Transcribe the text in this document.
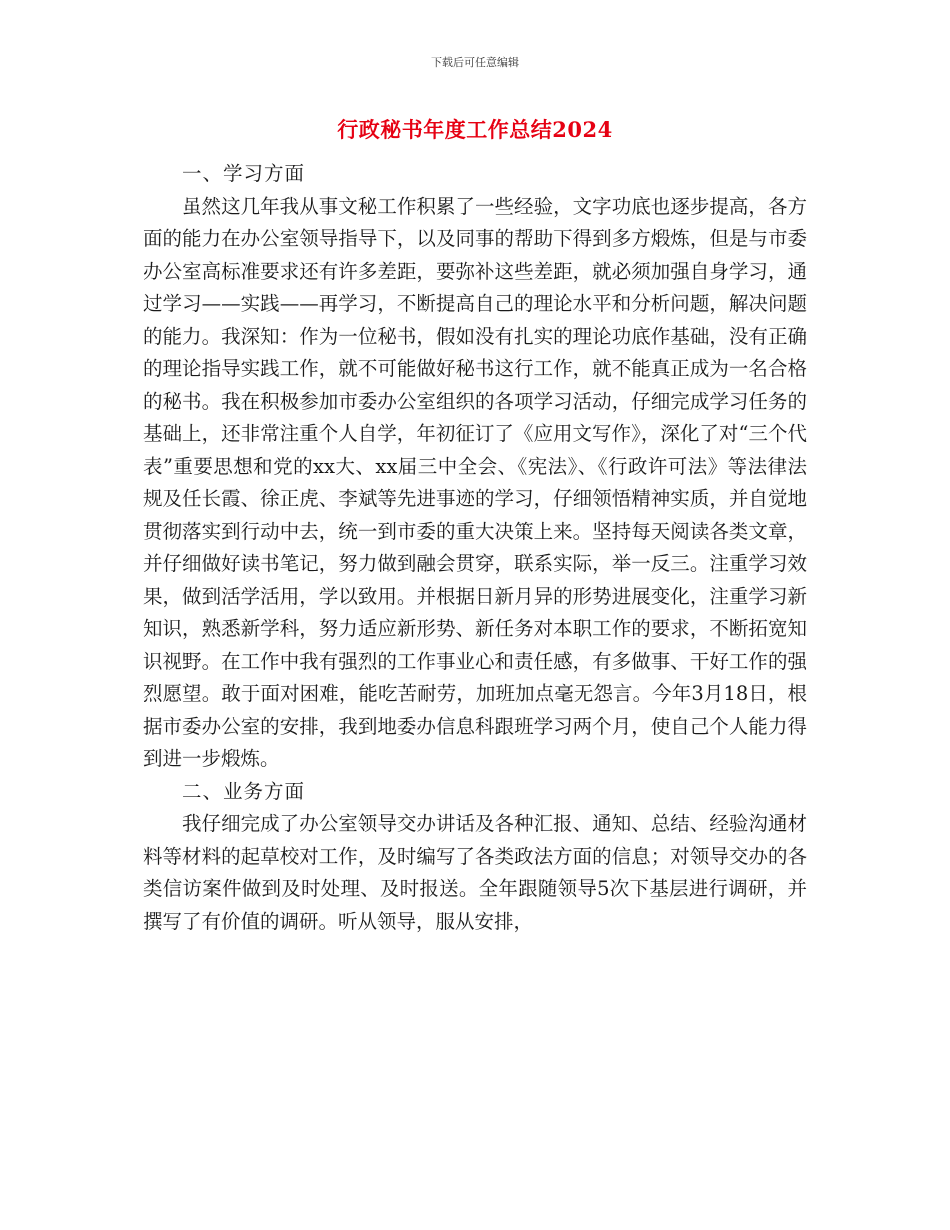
下载后可任意编辑
行政秘书年度工作总结2024

一、学习方面

虽然这几年我从事文秘工作积累了一些经验，文字功底也逐步提高，各方面的能力在办公室领导指导下，以及同事的帮助下得到多方煅炼，但是与市委办公室高标准要求还有许多差距，要弥补这些差距，就必须加强自身学习，通过学习——实践——再学习，不断提高自己的理论水平和分析问题，解决问题的能力。我深知：作为一位秘书，假如没有扎实的理论功底作基础，没有正确的理论指导实践工作，就不可能做好秘书这行工作，就不能真正成为一名合格的秘书。我在积极参加市委办公室组织的各项学习活动，仔细完成学习任务的基础上，还非常注重个人自学，年初征订了《应用文写作》，深化了对“三个代表”重要思想和党的xx大、xx届三中全会、《宪法》、《行政许可法》等法律法规及任长霞、徐正虎、李斌等先进事迹的学习，仔细领悟精神实质，并自觉地贯彻落实到行动中去，统一到市委的重大决策上来。坚持每天阅读各类文章，并仔细做好读书笔记，努力做到融会贯穿，联系实际，举一反三。注重学习效果，做到活学活用，学以致用。并根据日新月异的形势进展变化，注重学习新知识，熟悉新学科，努力适应新形势、新任务对本职工作的要求，不断拓宽知识视野。在工作中我有强烈的工作事业心和责任感，有多做事、干好工作的强烈愿望。敢于面对困难，能吃苦耐劳，加班加点毫无怨言。今年3月18日，根据市委办公室的安排，我到地委办信息科跟班学习两个月，使自己个人能力得到进一步煅炼。

二、业务方面

我仔细完成了办公室领导交办讲话及各种汇报、通知、总结、经验沟通材料等材料的起草校对工作，及时编写了各类政法方面的信息；对领导交办的各类信访案件做到及时处理、及时报送。全年跟随领导5次下基层进行调研，并撰写了有价值的调研。听从领导，服从安排，
